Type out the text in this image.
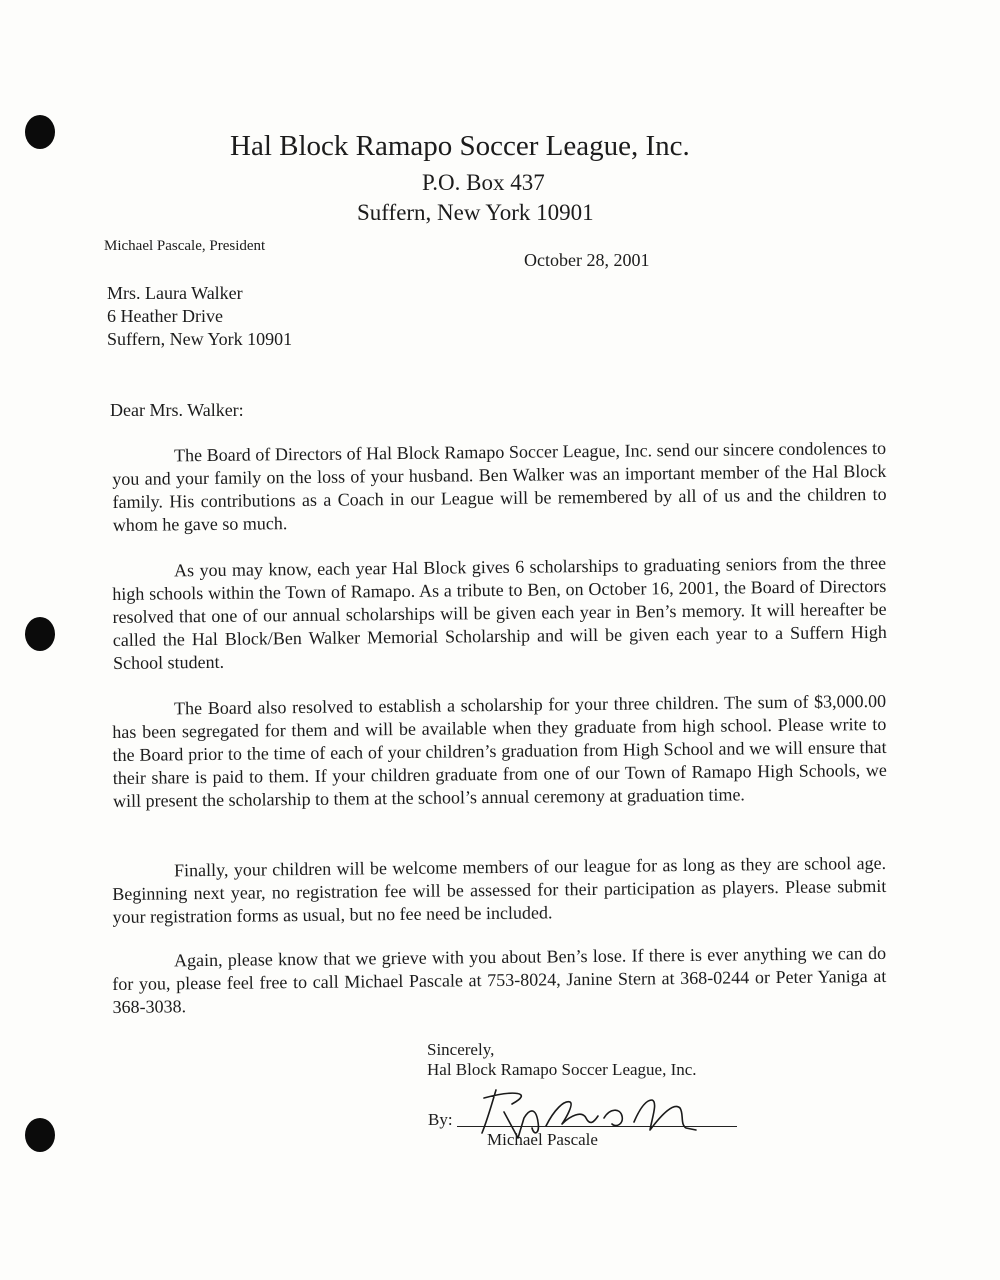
Hal Block Ramapo Soccer League, Inc.
P.O. Box 437
Suffern, New York 10901
Michael Pascale, President
October 28, 2001
Mrs. Laura Walker
6 Heather Drive
Suffern, New York 10901
Dear Mrs. Walker:

The Board of Directors of Hal Block Ramapo Soccer League, Inc. send our sincere condolences to you and your family on the loss of your husband. Ben Walker was an important member of the Hal Block family. His contributions as a Coach in our League will be remembered by all of us and the children to whom he gave so much.

As you may know, each year Hal Block gives 6 scholarships to graduating seniors from the three high schools within the Town of Ramapo. As a tribute to Ben, on October 16, 2001, the Board of Directors resolved that one of our annual scholarships will be given each year in Ben’s memory. It will hereafter be called the Hal Block/Ben Walker Memorial Scholarship and will be given each year to a Suffern High School student.

The Board also resolved to establish a scholarship for your three children. The sum of $3,000.00 has been segregated for them and will be available when they graduate from high school. Please write to the Board prior to the time of each of your children’s graduation from High School and we will ensure that their share is paid to them. If your children graduate from one of our Town of Ramapo High Schools, we will present the scholarship to them at the school’s annual ceremony at graduation time.

Finally, your children will be welcome members of our league for as long as they are school age. Beginning next year, no registration fee will be assessed for their participation as players. Please submit your registration forms as usual, but no fee need be included.

Again, please know that we grieve with you about Ben’s lose. If there is ever anything we can do for you, please feel free to call Michael Pascale at 753-8024, Janine Stern at 368-0244 or Peter Yaniga at 368-3038.

Sincerely,
Hal Block Ramapo Soccer League, Inc.
By:
Michael Pascale
